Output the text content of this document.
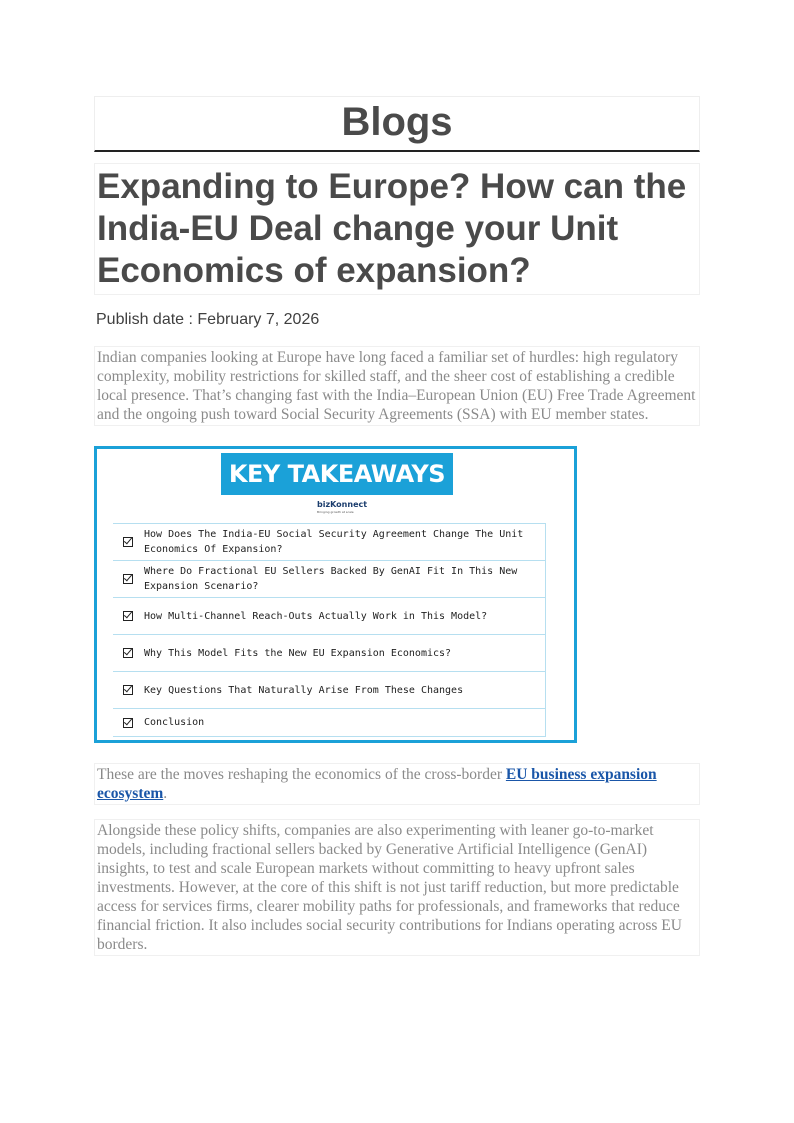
Blogs
Expanding to Europe? How can the India-EU Deal change your Unit Economics of expansion?
Publish date : February 7, 2026

Indian companies looking at Europe have long faced a familiar set of hurdles: high regulatory complexity, mobility restrictions for skilled staff, and the sheer cost of establishing a credible local presence. That’s changing fast with the India–European Union (EU) Free Trade Agreement and the ongoing push toward Social Security Agreements (SSA) with EU member states.

KEY TAKEAWAYS
bizKonnect
Bringing growth at scale
How Does The India-EU Social Security Agreement Change The Unit Economics Of Expansion?
Where Do Fractional EU Sellers Backed By GenAI Fit In This New Expansion Scenario?
How Multi-Channel Reach-Outs Actually Work in This Model?
Why This Model Fits the New EU Expansion Economics?
Key Questions That Naturally Arise From These Changes
Conclusion

These are the moves reshaping the economics of the cross-border EU business expansion ecosystem.

Alongside these policy shifts, companies are also experimenting with leaner go-to-market models, including fractional sellers backed by Generative Artificial Intelligence (GenAI) insights, to test and scale European markets without committing to heavy upfront sales investments. However, at the core of this shift is not just tariff reduction, but more predictable access for services firms, clearer mobility paths for professionals, and frameworks that reduce financial friction. It also includes social security contributions for Indians operating across EU borders.
